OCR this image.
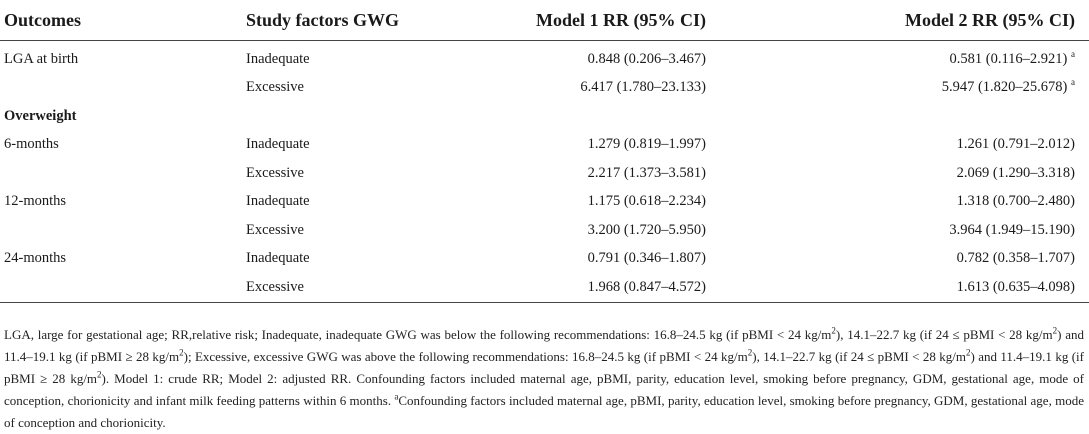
Outcomes	Study factors GWG	Model 1 RR (95% CI)	Model 2 RR (95% CI)
LGA at birth	Inadequate	0.848 (0.206–3.467)	0.581 (0.116–2.921) $^a$
	Excessive	6.417 (1.780–23.133)	5.947 (1.820–25.678) $^a$
Overweight			
6-months	Inadequate	1.279 (0.819–1.997)	1.261 (0.791–2.012)
	Excessive	2.217 (1.373–3.581)	2.069 (1.290–3.318)
12-months	Inadequate	1.175 (0.618–2.234)	1.318 (0.700–2.480)
	Excessive	3.200 (1.720–5.950)	3.964 (1.949–15.190)
24-months	Inadequate	0.791 (0.346–1.807)	0.782 (0.358–1.707)
	Excessive	1.968 (0.847–4.572)	1.613 (0.635–4.098)

LGA, large for gestational age; RR,relative risk; Inadequate, inadequate GWG was below the following recommendations: 16.8–24.5 kg (if pBMI < 24 $kg/m^2$), 14.1–22.7 kg (if 24 ≤ pBMI < 28 $kg/m^2$) and 11.4–19.1 kg (if pBMI ≥ 28 $kg/m^2$); Excessive, excessive GWG was above the following recommendations: 16.8–24.5 kg (if pBMI < 24 $kg/m^2$), 14.1–22.7 kg (if 24 ≤ pBMI < 28 $kg/m^2$) and 11.4–19.1 kg (if pBMI ≥ 28 $kg/m^2$). Model 1: crude RR; Model 2: adjusted RR. Confounding factors included maternal age, pBMI, parity, education level, smoking before pregnancy, GDM, gestational age, mode of conception, chorionicity and infant milk feeding patterns within 6 months. $^a$Confounding factors included maternal age, pBMI, parity, education level, smoking before pregnancy, GDM, gestational age, mode of conception and chorionicity.
